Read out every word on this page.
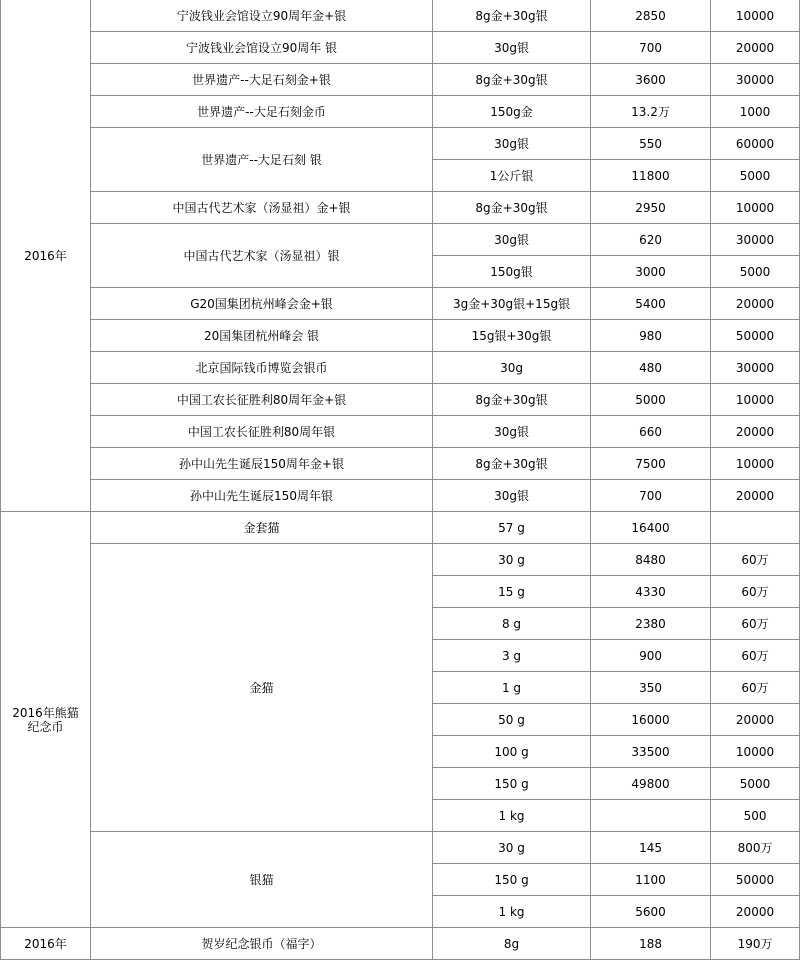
2016年	宁波钱业会馆设立90周年金+银	8g金+30g银	2850	10000	
	宁波钱业会馆设立90周年 银	30g银	700	20000	
	世界遗产--大足石刻金+银	8g金+30g银	3600	30000	
	世界遗产--大足石刻金币	150g金	13.2万	1000	
	世界遗产--大足石刻 银	30g银	550	60000	
		1公斤银	11800	5000	
	中国古代艺术家（汤显祖）金+银	8g金+30g银	2950	10000	
	中国古代艺术家（汤显祖）银	30g银	620	30000	
		150g银	3000	5000	
	G20国集团杭州峰会金+银	3g金+30g银+15g银	5400	20000	
	20国集团杭州峰会 银	15g银+30g银	980	50000	
	北京国际钱币博览会银币	30g	480	30000	
	中国工农长征胜利80周年金+银	8g金+30g银	5000	10000	
	中国工农长征胜利80周年银	30g银	660	20000	
	孙中山先生诞辰150周年金+银	8g金+30g银	7500	10000	
	孙中山先生诞辰150周年银	30g银	700	20000	
2016年熊猫纪念币	金套猫	57 g	16400		
	金猫	30 g	8480	60万	
		15 g	4330	60万	
		8 g	2380	60万	
		3 g	900	60万	
		1 g	350	60万	
		50 g	16000	20000	
		100 g	33500	10000	
		150 g	49800	5000	
		1 kg		500	
	银猫	30 g	145	800万	
		150 g	1100	50000	
		1 kg	5600	20000	
2016年	贺岁纪念银币（福字）	8g	188	190万	
